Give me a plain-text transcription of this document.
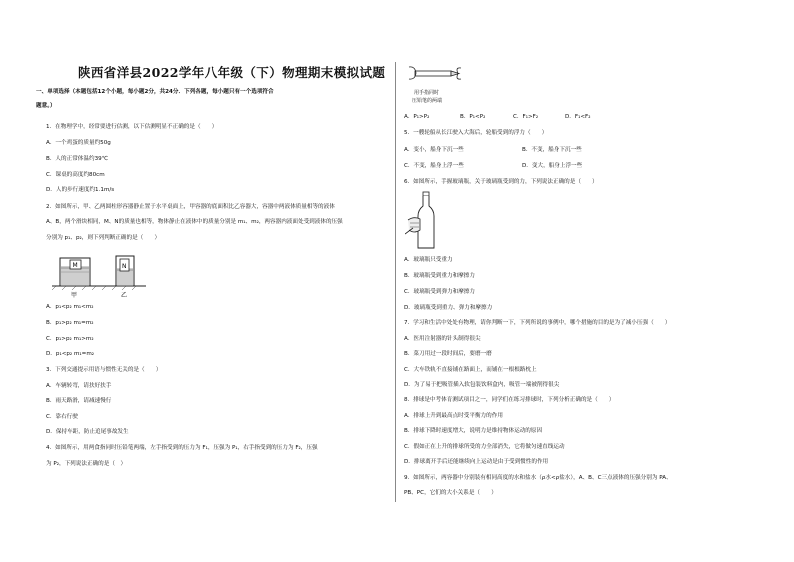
陕西省洋县2022学年八年级（下）物理期末模拟试题
一、单项选择（本题包括12个小题，每小题2分，共24分．下列各题，每小题只有一个选项符合
题意。）
1．在物理学中，经常要进行估测，以下估测明显不正确的是（　　）
A．一个鸡蛋的质量约50g
B．人的正常体温约39℃
C．课桌的高度约80cm
D．人的步行速度约1.1m/s
2．如图所示，甲、乙两圆柱形容器静止置于水平桌面上，甲容器的底面积比乙容器大，容器中两液体质量相等的液体
A、B，两个滑块相同，M、N的质量也相等，物体静止在液体中的质量分别是 m₁、m₂，两容器内液面处受到液体的压强
分别为 p₁、p₂，则下列判断正确的是（　　）
M	N
甲	乙
A．p₁<p₂ m₁<m₂
B．p₁>p₂ m₁=m₂
C．p₁>p₂ m₁>m₂
D．p₁<p₂ m₁=m₂
3．下列交通提示用语与惯性无关的是（　　）
A．车辆转弯，请扶好扶手
B．雨天路滑，请减速慢行
C．靠右行驶
D．保持车距，防止追尾事故发生
4．如图所示，用两食指同时压铅笔两端，左手指受到的压力为 F₁，压强为 P₁，右手指受到的压力为 F₂，压强
为 P₂，下列说法正确的是（　）
用手指同时
压铅笔的两端
A．P₁>P₂	B．P₁<P₂	C．F₁>F₂	D．F₁<F₂
5．一艘轮船从长江驶入大海后，轮船受到的浮力（　　）
A．变小，船身下沉一些	B．不变，船身下沉一些
C．不变，船身上浮一些	D．变大，船身上浮一些
6．如图所示，手握玻璃瓶，关于玻璃瓶受到的力，下列说法正确的是（　　）
A．玻璃瓶只受重力
B．玻璃瓶受到重力和摩擦力
C．玻璃瓶受到弹力和摩擦力
D．玻璃瓶受到重力、弹力和摩擦力
7．学习和生活中处处有物理，请你判断一下，下列所说的事例中，哪个措施的目的是为了减小压强（　　）
A．医用注射器的针头制得很尖
B．菜刀用过一段时间后，要磨一磨
C．大车铁轨不直接铺在路面上，而铺在一根根路枕上
D．为了易于把吸管插入软包装饮料盒内，吸管一端被削得很尖
8．排球是中考体育测试项目之一，同学们在练习排球时，下列分析正确的是（　　）
A．排球上升到最高点时受平衡力的作用
B．排球下降时速度增大，说明力是维持物体运动的原因
C．假如正在上升的排球所受的力全部消失，它将做匀速直线运动
D．排球离开手后还能继续向上运动是由于受到惯性的作用
9．如图所示，两容器中分别装有相同高度的水和盐水（ρ水<ρ盐水），A、B、C三点液体的压强分别为 PA、
PB、PC，它们的大小关系是（　　）
